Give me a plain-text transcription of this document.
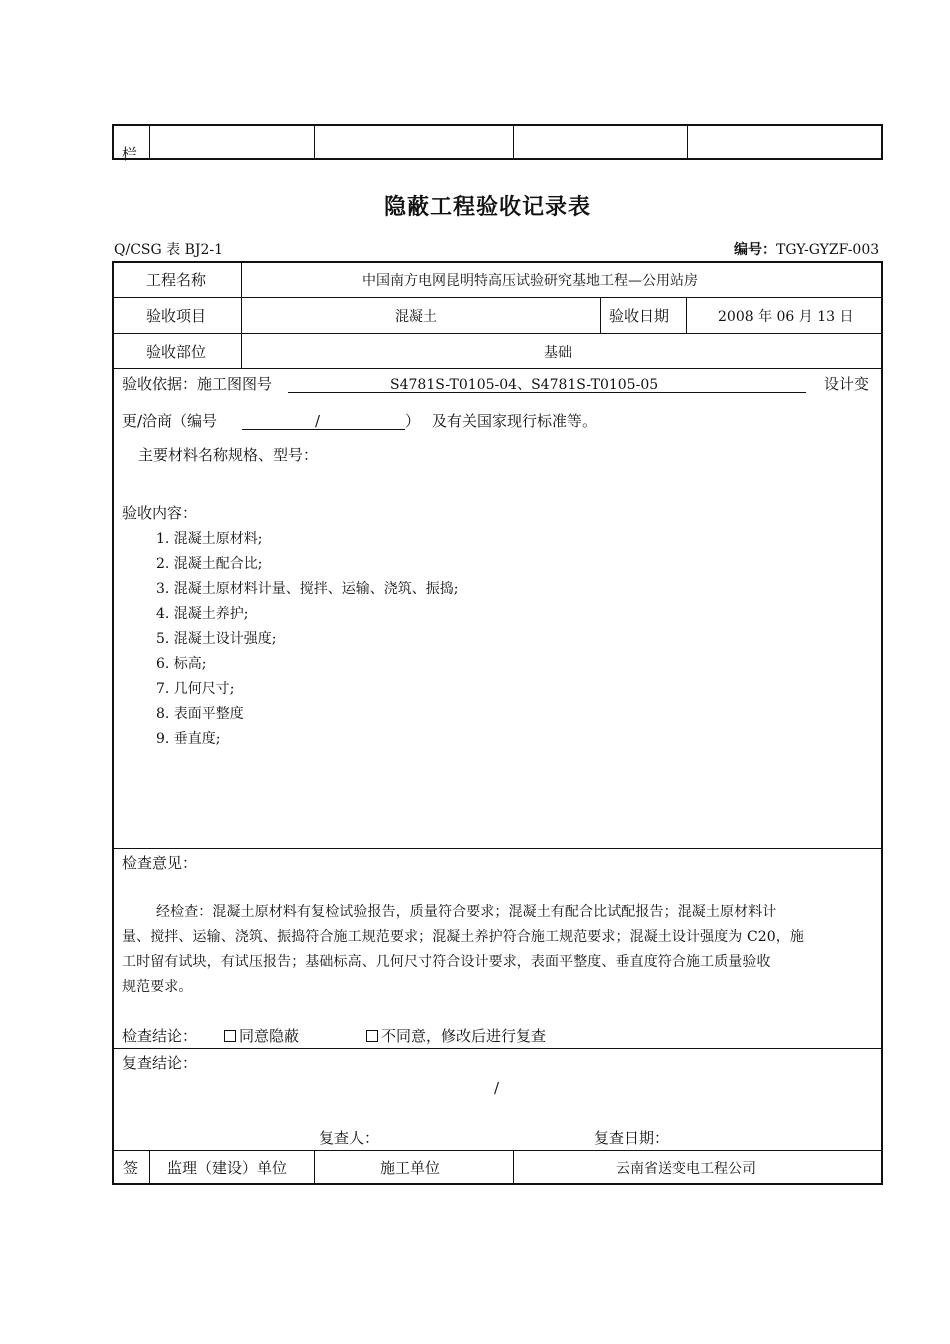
栏
隐蔽工程验收记录表
Q/CSG 表 BJ2-1	编号：TGY-GYZF-003
工程名称	中国南方电网昆明特高压试验研究基地工程—公用站房
验收项目	混凝土	验收日期	2008 年 06 月 13 日
验收部位	基础
验收依据：施工图图号	S4781S-T0105-04、S4781S-T0105-05	设计变
更/洽商（编号	/	） 及有关国家现行标准等。
主要材料名称规格、型号：
验收内容：
1. 混凝土原材料;
2. 混凝土配合比;
3. 混凝土原材料计量、搅拌、运输、浇筑、振捣;
4. 混凝土养护;
5. 混凝土设计强度;
6. 标高;
7. 几何尺寸;
8. 表面平整度
9. 垂直度;
检查意见：
经检查：混凝土原材料有复检试验报告，质量符合要求；混凝土有配合比试配报告；混凝土原材料计
量、搅拌、运输、浇筑、振捣符合施工规范要求；混凝土养护符合施工规范要求；混凝土设计强度为 C20，施
工时留有试块，有试压报告；基础标高、几何尺寸符合设计要求，表面平整度、垂直度符合施工质量验收
规范要求。
检查结论：	同意隐蔽	不同意，修改后进行复查
复查结论：
/
复查人：	复查日期：
签 监理（建设）单位	施工单位	云南省送变电工程公司
